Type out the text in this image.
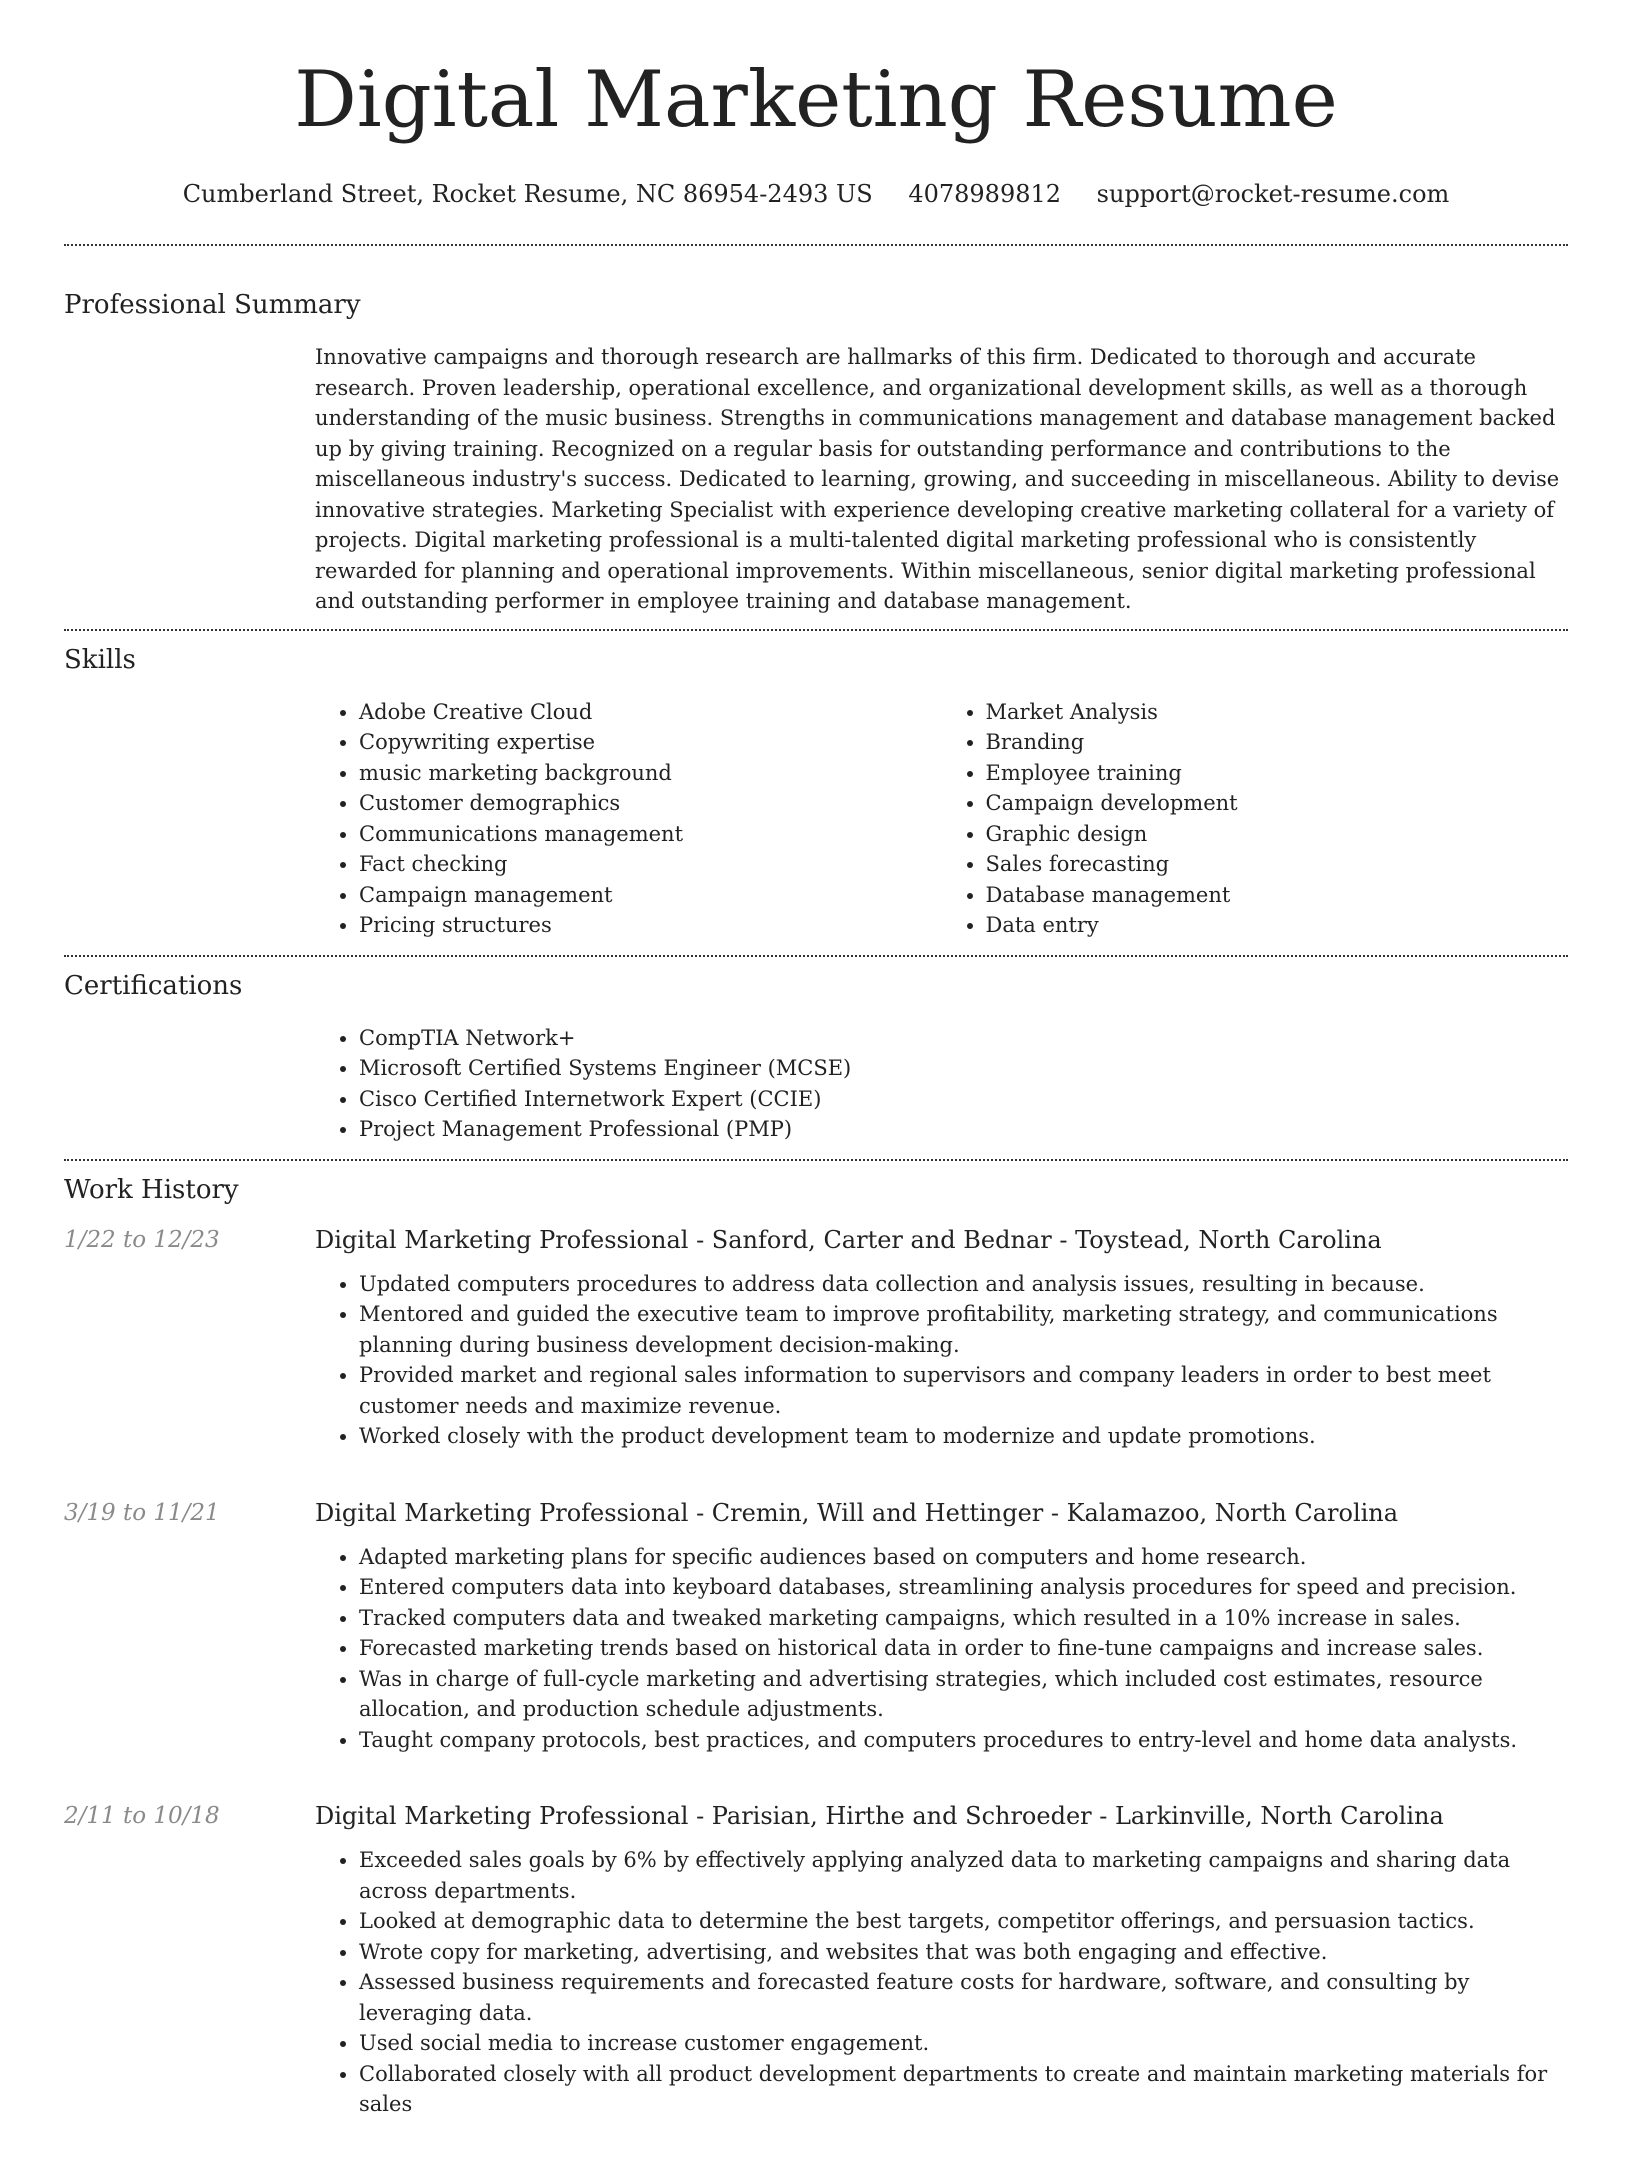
Digital Marketing Resume
Cumberland Street, Rocket Resume, NC 86954-2493 US 4078989812 support@rocket-resume.com
Professional Summary
Innovative campaigns and thorough research are hallmarks of this firm. Dedicated to thorough and accurate research. Proven leadership, operational excellence, and organizational development skills, as well as a thorough understanding of the music business. Strengths in communications management and database management backed up by giving training. Recognized on a regular basis for outstanding performance and contributions to the miscellaneous industry's success. Dedicated to learning, growing, and succeeding in miscellaneous. Ability to devise innovative strategies. Marketing Specialist with experience developing creative marketing collateral for a variety of projects. Digital marketing professional is a multi-talented digital marketing professional who is consistently rewarded for planning and operational improvements. Within miscellaneous, senior digital marketing professional and outstanding performer in employee training and database management.
Skills
• Adobe Creative Cloud
• Copywriting expertise
• music marketing background
• Customer demographics
• Communications management
• Fact checking
• Campaign management
• Pricing structures
• Market Analysis
• Branding
• Employee training
• Campaign development
• Graphic design
• Sales forecasting
• Database management
• Data entry
Certifications
• CompTIA Network+
• Microsoft Certified Systems Engineer (MCSE)
• Cisco Certified Internetwork Expert (CCIE)
• Project Management Professional (PMP)
Work History
1/22 to 12/23	Digital Marketing Professional - Sanford, Carter and Bednar - Toystead, North Carolina
• Updated computers procedures to address data collection and analysis issues, resulting in because.
• Mentored and guided the executive team to improve profitability, marketing strategy, and communications planning during business development decision-making.
• Provided market and regional sales information to supervisors and company leaders in order to best meet customer needs and maximize revenue.
• Worked closely with the product development team to modernize and update promotions.
3/19 to 11/21	Digital Marketing Professional - Cremin, Will and Hettinger - Kalamazoo, North Carolina
• Adapted marketing plans for specific audiences based on computers and home research.
• Entered computers data into keyboard databases, streamlining analysis procedures for speed and precision.
• Tracked computers data and tweaked marketing campaigns, which resulted in a 10% increase in sales.
• Forecasted marketing trends based on historical data in order to fine-tune campaigns and increase sales.
• Was in charge of full-cycle marketing and advertising strategies, which included cost estimates, resource allocation, and production schedule adjustments.
• Taught company protocols, best practices, and computers procedures to entry-level and home data analysts.
2/11 to 10/18	Digital Marketing Professional - Parisian, Hirthe and Schroeder - Larkinville, North Carolina
• Exceeded sales goals by 6% by effectively applying analyzed data to marketing campaigns and sharing data across departments.
• Looked at demographic data to determine the best targets, competitor offerings, and persuasion tactics.
• Wrote copy for marketing, advertising, and websites that was both engaging and effective.
• Assessed business requirements and forecasted feature costs for hardware, software, and consulting by leveraging data.
• Used social media to increase customer engagement.
• Collaborated closely with all product development departments to create and maintain marketing materials for sales
